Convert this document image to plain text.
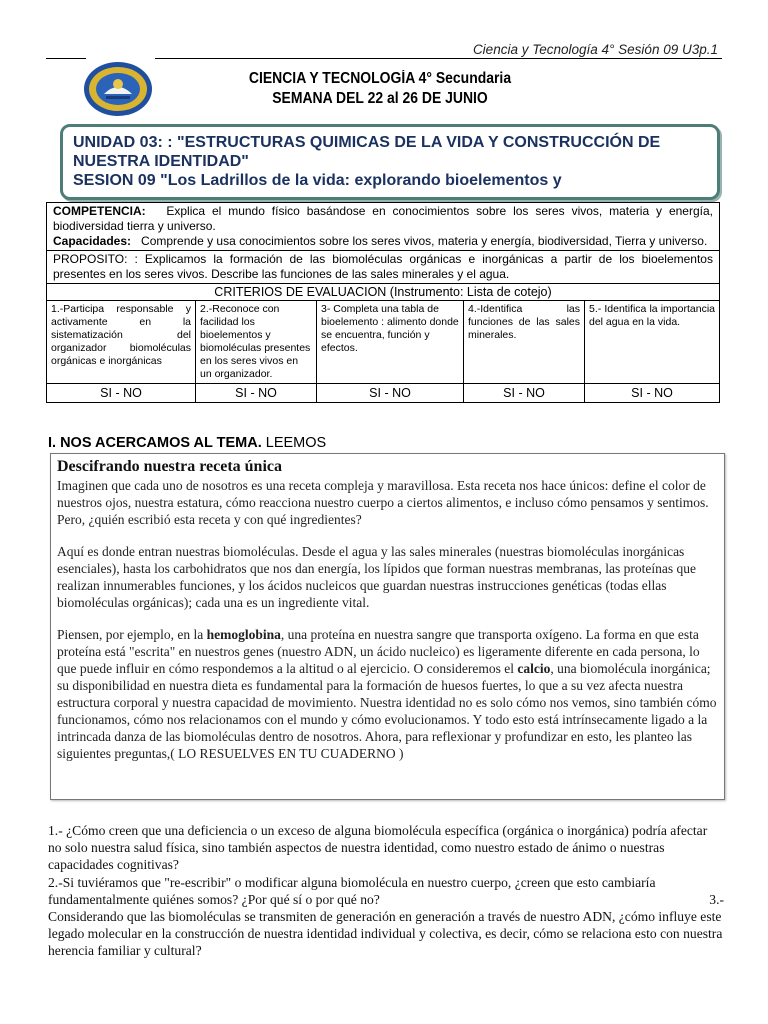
Ciencia y Tecnología 4° Sesión 09 U3p.1
CIENCIA Y TECNOLOGÍA 4° Secundaria
SEMANA DEL 22 al 26 DE JUNIO
UNIDAD 03: : "ESTRUCTURAS QUIMICAS DE LA VIDA Y CONSTRUCCIÓN DE
NUESTRA IDENTIDAD"
SESION 09 "Los Ladrillos de la vida: explorando bioelementos y
COMPETENCIA: Explica el mundo físico basándose en conocimientos sobre los seres vivos, materia y energía, biodiversidad tierra y universo.
Capacidades: Comprende y usa conocimientos sobre los seres vivos, materia y energía, biodiversidad, Tierra y universo.				
PROPOSITO: : Explicamos la formación de las biomoléculas orgánicas e inorgánicas a partir de los bioelementos presentes en los seres vivos. Describe las funciones de las sales minerales y el agua.				
CRITERIOS DE EVALUACION (Instrumento: Lista de cotejo)				
1.-Participa responsable y activamente en la sistematización del organizador biomoléculas orgánicas e inorgánicas	2.-Reconoce con facilidad los bioelementos y biomoléculas presentes en los seres vivos en un organizador.	3- Completa una tabla de bioelemento : alimento donde se encuentra, función y efectos.	4.-Identifica las funciones de las sales minerales.	5.- Identifica la importancia del agua en la vida.
SI - NO	SI - NO	SI - NO	SI - NO	SI - NO
I. NOS ACERCAMOS AL TEMA. LEEMOS
Descifrando nuestra receta única

Imaginen que cada uno de nosotros es una receta compleja y maravillosa. Esta receta nos hace únicos: define el color de nuestros ojos, nuestra estatura, cómo reacciona nuestro cuerpo a ciertos alimentos, e incluso cómo pensamos y sentimos. Pero, ¿quién escribió esta receta y con qué ingredientes?

Aquí es donde entran nuestras biomoléculas. Desde el agua y las sales minerales (nuestras biomoléculas inorgánicas esenciales), hasta los carbohidratos que nos dan energía, los lípidos que forman nuestras membranas, las proteínas que realizan innumerables funciones, y los ácidos nucleicos que guardan nuestras instrucciones genéticas (todas ellas biomoléculas orgánicas); cada una es un ingrediente vital.

Piensen, por ejemplo, en la hemoglobina, una proteína en nuestra sangre que transporta oxígeno. La forma en que esta proteína está "escrita" en nuestros genes (nuestro ADN, un ácido nucleico) es ligeramente diferente en cada persona, lo que puede influir en cómo respondemos a la altitud o al ejercicio. O consideremos el calcio, una biomolécula inorgánica; su disponibilidad en nuestra dieta es fundamental para la formación de huesos fuertes, lo que a su vez afecta nuestra estructura corporal y nuestra capacidad de movimiento. Nuestra identidad no es solo cómo nos vemos, sino también cómo funcionamos, cómo nos relacionamos con el mundo y cómo evolucionamos. Y todo esto está intrínsecamente ligado a la intrincada danza de las biomoléculas dentro de nosotros. Ahora, para reflexionar y profundizar en esto, les planteo las siguientes preguntas,( LO RESUELVES EN TU CUADERNO )

1.- ¿Cómo creen que una deficiencia o un exceso de alguna biomolécula específica (orgánica o inorgánica) podría afectar no solo nuestra salud física, sino también aspectos de nuestra identidad, como nuestro estado de ánimo o nuestras capacidades cognitivas?

2.-Si tuviéramos que "re-escribir" o modificar alguna biomolécula en nuestro cuerpo, ¿creen que esto cambiaría fundamentalmente quiénes somos? ¿Por qué sí o por qué no?	3.-

Considerando que las biomoléculas se transmiten de generación en generación a través de nuestro ADN, ¿cómo influye este legado molecular en la construcción de nuestra identidad individual y colectiva, es decir, cómo se relaciona esto con nuestra herencia familiar y cultural?
